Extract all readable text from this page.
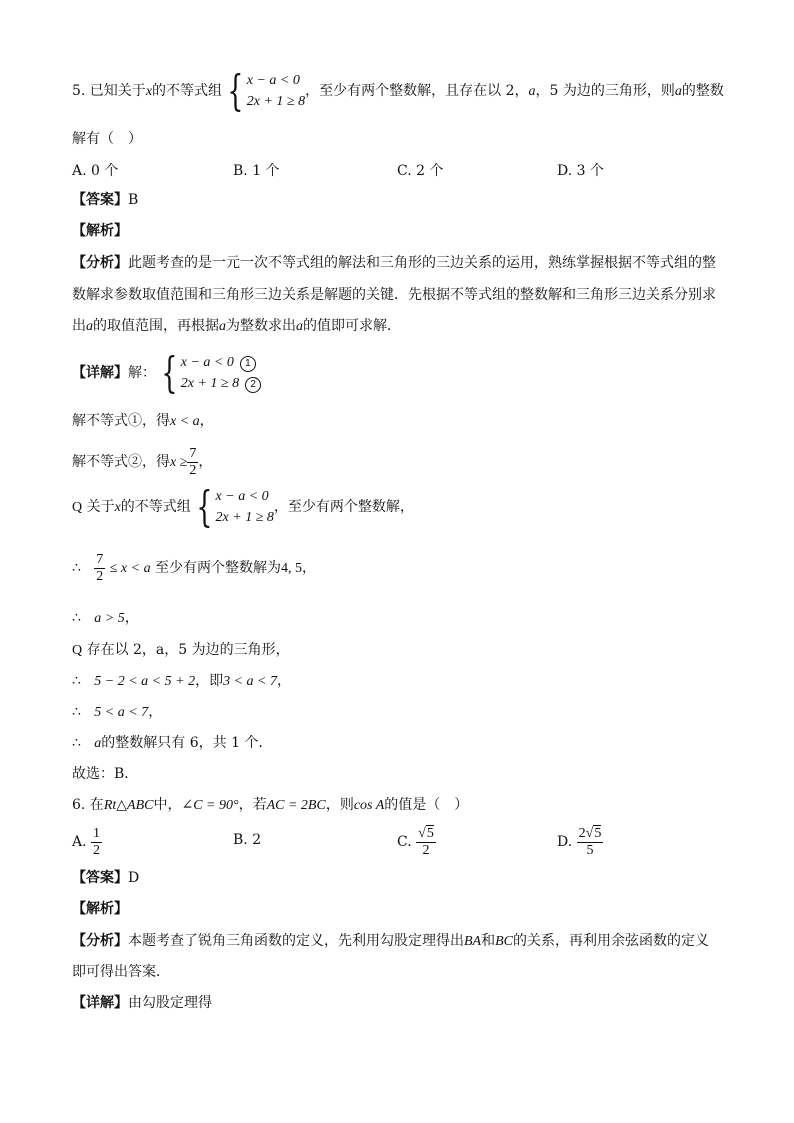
5. 已知关于x的不等式组 { x − a < 0
2x + 1 ≥ 8
，至少有两个整数解，且存在以 2，a，5 为边的三角形，则a的整数
解有（　）
A. 0 个	B. 1 个	C. 2 个	D. 3 个
【答案】B
【解析】
【分析】此题考查的是一元一次不等式组的解法和三角形的三边关系的运用，熟练掌握根据不等式组的整
数解求参数取值范围和三角形三边关系是解题的关键．先根据不等式组的整数解和三角形三边关系分别求
出a的取值范围，再根据a为整数求出a的值即可求解．
【详解】解： { x − a < 0 1
2x + 1 ≥ 8 2
解不等式①，得x < a，
解不等式②，得$x \ge \frac{7}{2}$ ，
Q 关于x的不等式组 { x − a < 0
2x + 1 ≥ 8
，至少有两个整数解，
∴ $\frac{7}{2} \le x < a$ 至少有两个整数解为4, 5，
∴ a > 5，
Q 存在以 2，a，5 为边的三角形，
∴ 5 − 2 < a < 5 + 2，即3 < a < 7，
∴ 5 < a < 7，
∴ a的整数解只有 6，共 1 个．
故选：B．
6. 在Rt△ABC中，∠C = 90°，若AC = 2BC，则cos A的值是（　）
A. $\frac{1}{2}$	B. 2	C. $\frac{√5}{2}$	D. $\frac{2√5}{5}$
【答案】D
【解析】
【分析】本题考查了锐角三角函数的定义，先利用勾股定理得出BA和BC的关系，再利用余弦函数的定义
即可得出答案．
【详解】由勾股定理得
